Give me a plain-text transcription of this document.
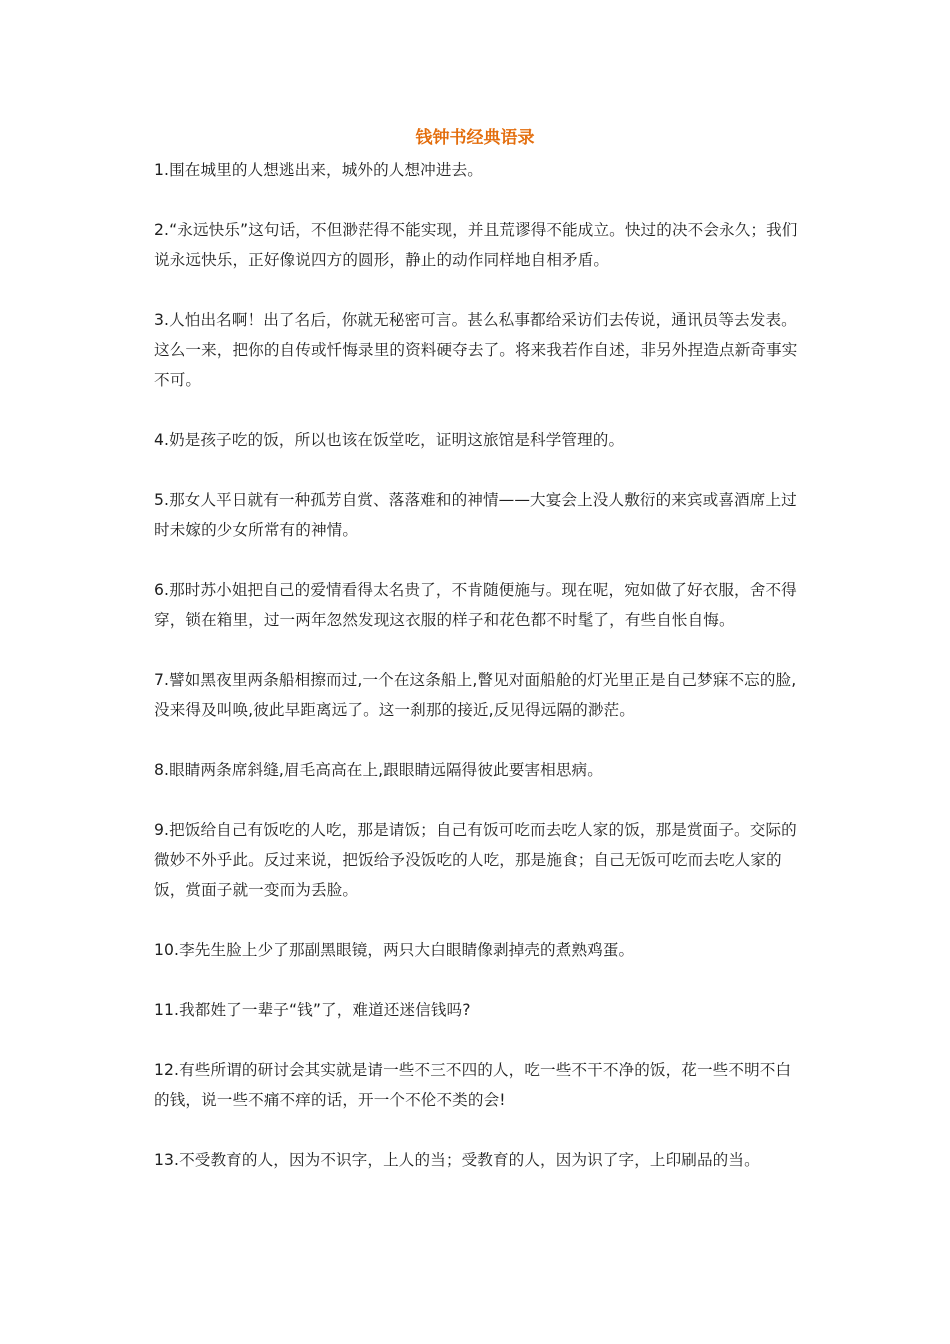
钱钟书经典语录

1.围在城里的人想逃出来，城外的人想冲进去。

2.“永远快乐”这句话，不但渺茫得不能实现，并且荒谬得不能成立。快过的决不会永久；我们说永远快乐，正好像说四方的圆形，静止的动作同样地自相矛盾。

3.人怕出名啊！出了名后，你就无秘密可言。甚么私事都给采访们去传说，通讯员等去发表。这么一来，把你的自传或忏悔录里的资料硬夺去了。将来我若作自述，非另外捏造点新奇事实不可。

4.奶是孩子吃的饭，所以也该在饭堂吃，证明这旅馆是科学管理的。

5.那女人平日就有一种孤芳自赏、落落难和的神情——大宴会上没人敷衍的来宾或喜酒席上过时未嫁的少女所常有的神情。

6.那时苏小姐把自己的爱情看得太名贵了，不肯随便施与。现在呢，宛如做了好衣服，舍不得穿，锁在箱里，过一两年忽然发现这衣服的样子和花色都不时髦了，有些自怅自悔。

7.譬如黑夜里两条船相擦而过,一个在这条船上,瞥见对面船舱的灯光里正是自己梦寐不忘的脸,没来得及叫唤,彼此早距离远了。这一刹那的接近,反见得远隔的渺茫。

8.眼睛两条席斜缝,眉毛高高在上,跟眼睛远隔得彼此要害相思病。

9.把饭给自己有饭吃的人吃，那是请饭；自己有饭可吃而去吃人家的饭，那是赏面子。交际的微妙不外乎此。反过来说，把饭给予没饭吃的人吃，那是施食；自己无饭可吃而去吃人家的饭，赏面子就一变而为丢脸。

10.李先生脸上少了那副黑眼镜，两只大白眼睛像剥掉壳的煮熟鸡蛋。

11.我都姓了一辈子“钱”了，难道还迷信钱吗?

12.有些所谓的研讨会其实就是请一些不三不四的人，吃一些不干不净的饭，花一些不明不白的钱，说一些不痛不痒的话，开一个不伦不类的会!

13.不受教育的人，因为不识字，上人的当；受教育的人，因为识了字，上印刷品的当。
